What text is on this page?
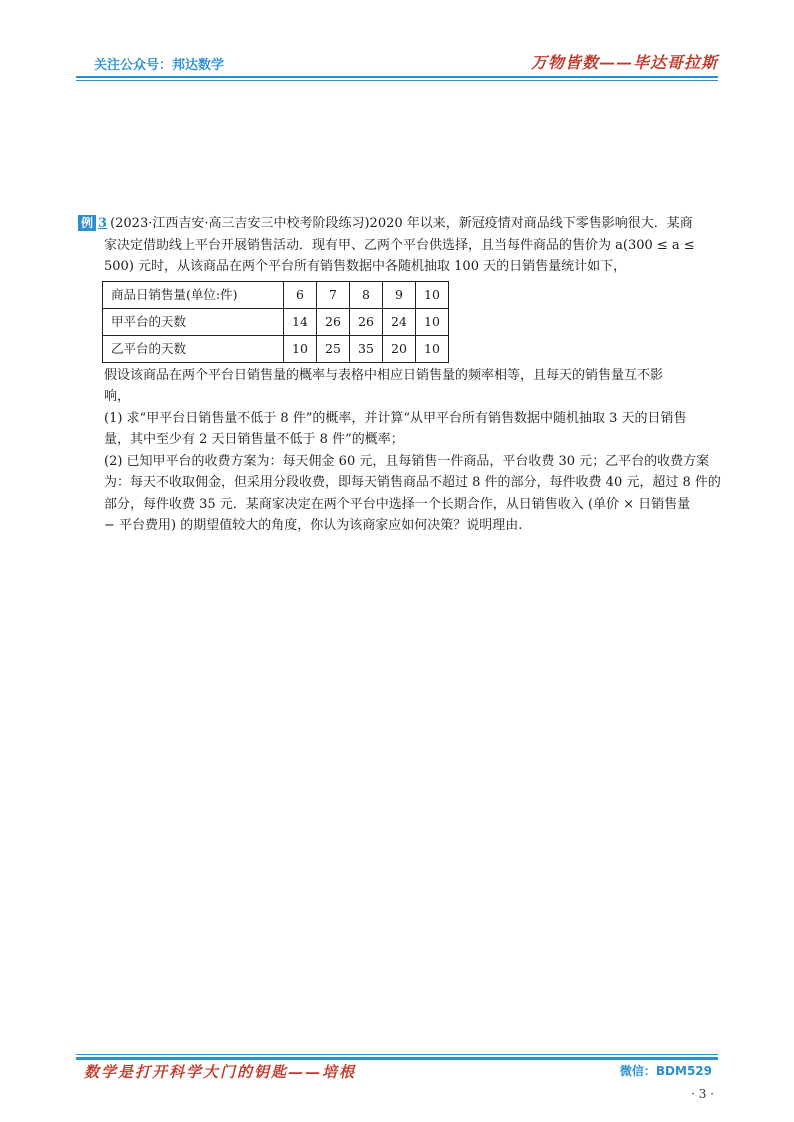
关注公众号：邦达数学	万物皆数——毕达哥拉斯
例 3 (2023·江西吉安·高三吉安三中校考阶段练习)2020 年以来，新冠疫情对商品线下零售影响很大．某商
家决定借助线上平台开展销售活动．现有甲、乙两个平台供选择，且当每件商品的售价为 a(300 ≤ a ≤
500) 元时，从该商品在两个平台所有销售数据中各随机抽取 100 天的日销售量统计如下，
商品日销售量(单位:件)	6	7	8	9	10
甲平台的天数	14	26	26	24	10
乙平台的天数	10	25	35	20	10
假设该商品在两个平台日销售量的概率与表格中相应日销售量的频率相等，且每天的销售量互不影
响，
(1) 求“甲平台日销售量不低于 8 件”的概率，并计算“从甲平台所有销售数据中随机抽取 3 天的日销售
量，其中至少有 2 天日销售量不低于 8 件”的概率；
(2) 已知甲平台的收费方案为：每天佣金 60 元，且每销售一件商品，平台收费 30 元；乙平台的收费方案
为：每天不收取佣金，但采用分段收费，即每天销售商品不超过 8 件的部分，每件收费 40 元，超过 8 件的
部分，每件收费 35 元．某商家决定在两个平台中选择一个长期合作，从日销售收入 (单价 × 日销售量
− 平台费用) 的期望值较大的角度，你认为该商家应如何决策？说明理由.
数学是打开科学大门的钥匙——培根	微信：BDM529
· 3 ·
